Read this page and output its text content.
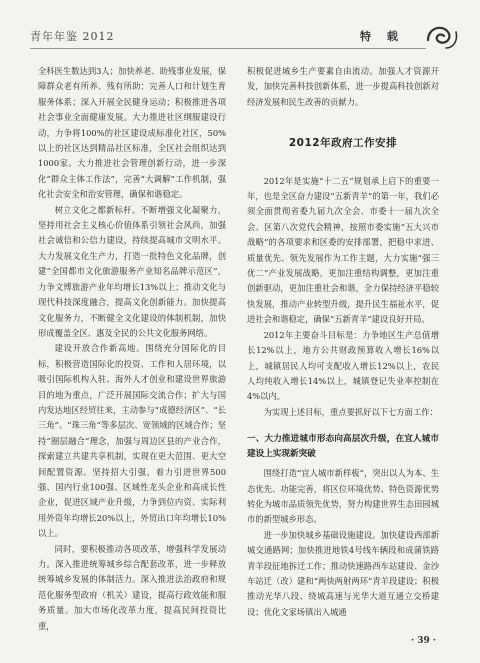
青年年鉴 2012	特 载

全科医生数达到3人；加快养老、助残事业发展，保障群众老有所养、残有所助；完善人口和计划生育服务体系；深入开展全民健身运动；积极推进各项社会事业全面健康发展。大力推进社区纲服建设行动，力争将100%的社区建设成标准化社区，50%以上的社区达到精品社区标准，全区社会组织达到1000家。大力推进社会管理创新行动，进一步深化“群众主体工作法”，完善“大调解”工作机制，强化社会安全和治安管理，确保和谐稳定。

树立文化之都新标杆。不断增强文化凝聚力，坚持用社会主义核心价值体系引领社会风尚，加强社会诚信和公信力建设，持续提高城市文明水平。大力发展文化生产力，打造一批特色文化品牌，创建“全国都市文化旅游服务产业知名品牌示范区”，力争文博旅游产业年均增长13%以上；推动文化与现代科技深度融合，提高文化创新能力。加快提高文化服务力，不断健全文化建设的体制机制，加快形成覆盖全区、惠及全民的公共文化服务网络。

建设开放合作新高地。围绕充分国际化的目标，积极营造国际化的投资、工作和人居环境，以吸引国际机构入驻、海外人才创业和建设世界旅游目的地为重点，广泛开展国际交流合作；扩大与国内发达地区经贸往来，主动参与“成德经济区”、“长三角”、“珠三角”等多层次、宽领域的区域合作；坚持“圈层融合”理念，加强与周边区县的产业合作，探索建立共建共享机制，实现在更大范围、更大空间配置资源。坚持招大引强，着力引进世界500强、国内行业100强、区域性龙头企业和高成长性企业，促进区域产业升级，力争到位内资、实际利用外资年均增长20%以上，外贸出口年均增长10%以上。

同时，要积极推动各项改革，增强科学发展动力。深入推进统筹城乡综合配套改革，进一步释放统筹城乡发展的体制活力。深入推进法治政府和规范化服务型政府（机关）建设，提高行政效能和服务质量。加大市场化改革力度，提高民间投资比重，

积极促进城乡生产要素自由流动。加强人才资源开发，加快完善科技创新体系，进一步提高科技创新对经济发展和民生改善的贡献力。

2012年政府工作安排

2012年是实施“十二五”规划承上启下的重要一年，也是全区奋力建设“五新青羊”的第一年，我们必须全面贯彻省委九届九次全会、市委十一届九次全会、区第八次党代会精神，按照市委实施“五大兴市战略”的各项要求和区委的安排部署，把稳中求进、质量优先、领先发展作为工作主题，大力实施“强三优二”产业发展战略，更加注重结构调整，更加注重创新驱动，更加注重社会和谐，全力保持经济平稳较快发展，推动产业转型升级，提升民生福祉水平，促进社会和谐稳定，确保“五新青羊”建设良好开局。

2012年主要奋斗目标是：力争地区生产总值增长12%以上，地方公共财政预算收入增长16%以上，城镇居民人均可支配收入增长12%以上，农民人均纯收入增长14%以上，城镇登记失业率控制在4%以内。

为实现上述目标，重点要抓好以下七方面工作：

一、大力推进城市形态向高层次升级，在宜人城市建设上实现新突破

围绕打造“宜人城市新样板”，突出以人为本、生态优先、功能完善，将区位环境优势、特色资源优势转化为城市品质领先优势，努力构建世界生态田园城市的新型城乡形态。

进一步加快城乡基础设施建设。加快建设西部新城交通路网；加快推进地铁4号线车辆段和成蒲铁路青羊段征地拆迁工作；推动快速路西车站建设、金沙车站迁（改）建和“两快两射两环”青羊段建设；积极推动光华八段、绕城高速与光华大道互通立交桥建设；优化文家场镇出入城通

· 39 ·
